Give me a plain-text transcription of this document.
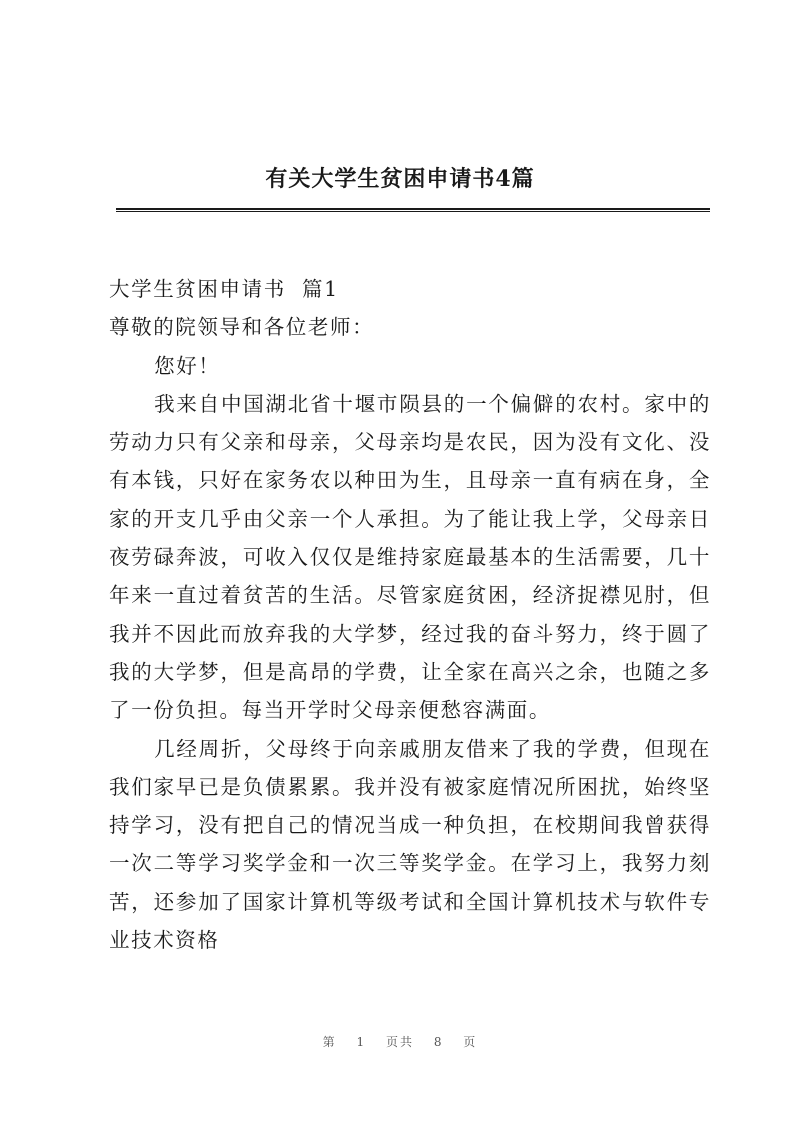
有关大学生贫困申请书4篇

大学生贫困申请书  篇1

尊敬的院领导和各位老师：

您好！

我来自中国湖北省十堰市陨县的一个偏僻的农村。家中的劳动力只有父亲和母亲，父母亲均是农民，因为没有文化、没有本钱，只好在家务农以种田为生，且母亲一直有病在身，全家的开支几乎由父亲一个人承担。为了能让我上学，父母亲日夜劳碌奔波，可收入仅仅是维持家庭最基本的生活需要，几十年来一直过着贫苦的生活。尽管家庭贫困，经济捉襟见肘，但我并不因此而放弃我的大学梦，经过我的奋斗努力，终于圆了我的大学梦，但是高昂的学费，让全家在高兴之余，也随之多了一份负担。每当开学时父母亲便愁容满面。

几经周折，父母终于向亲戚朋友借来了我的学费，但现在我们家早已是负债累累。我并没有被家庭情况所困扰，始终坚持学习，没有把自己的情况当成一种负担，在校期间我曾获得一次二等学习奖学金和一次三等奖学金。在学习上，我努力刻苦，还参加了国家计算机等级考试和全国计算机技术与软件专业技术资格

第 1 页共 8 页
